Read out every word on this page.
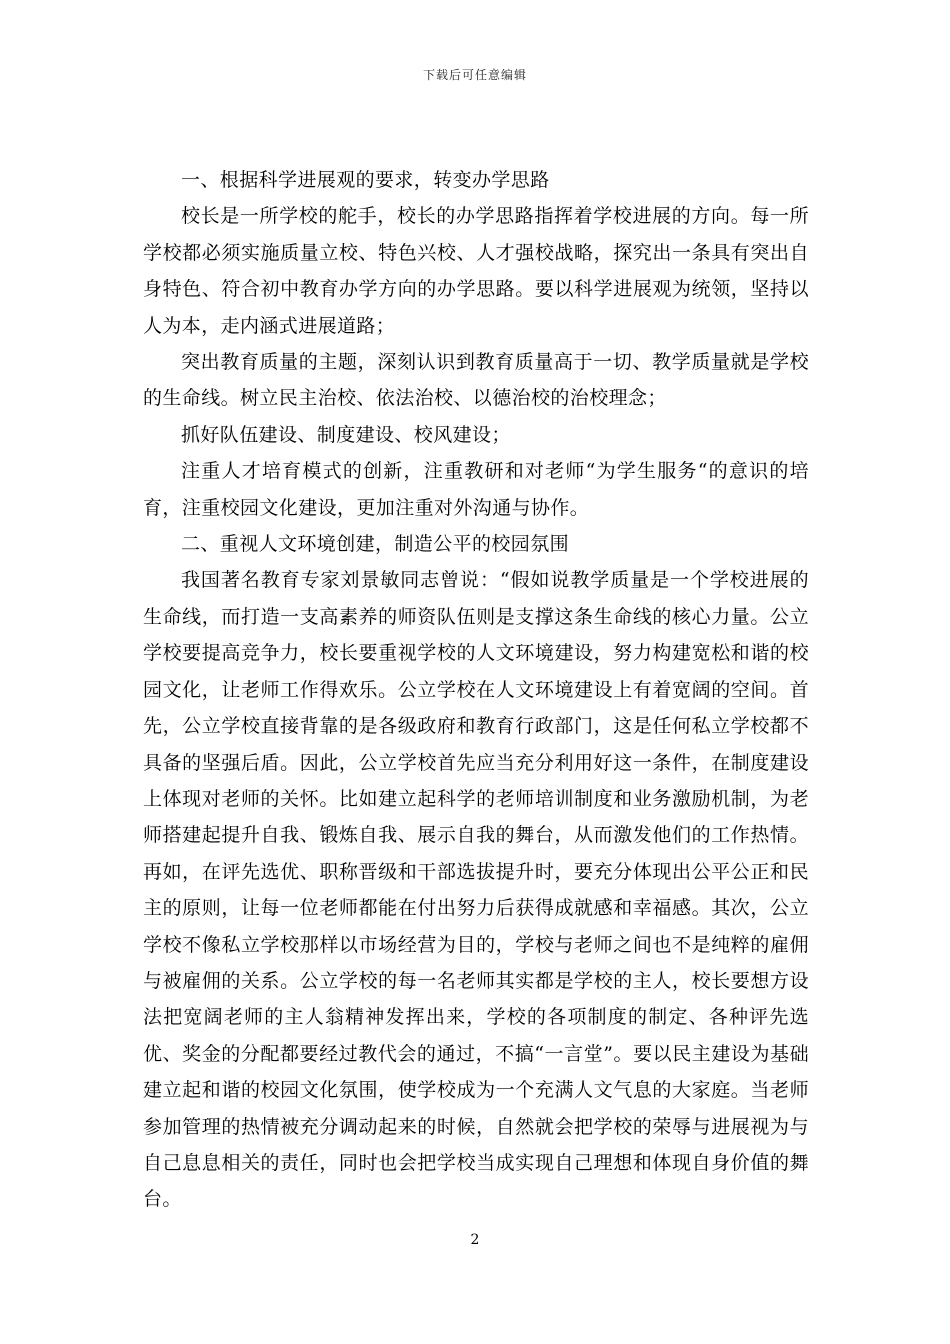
下载后可任意编辑

一、根据科学进展观的要求，转变办学思路

校长是一所学校的舵手，校长的办学思路指挥着学校进展的方向。每一所学校都必须实施质量立校、特色兴校、人才强校战略，探究出一条具有突出自身特色、符合初中教育办学方向的办学思路。要以科学进展观为统领，坚持以人为本，走内涵式进展道路；

突出教育质量的主题，深刻认识到教育质量高于一切、教学质量就是学校的生命线。树立民主治校、依法治校、以德治校的治校理念；

抓好队伍建设、制度建设、校风建设；

注重人才培育模式的创新，注重教研和对老师“为学生服务“的意识的培育，注重校园文化建设，更加注重对外沟通与协作。

二、重视人文环境创建，制造公平的校园氛围

我国著名教育专家刘景敏同志曾说：“假如说教学质量是一个学校进展的生命线，而打造一支高素养的师资队伍则是支撑这条生命线的核心力量。公立学校要提高竞争力，校长要重视学校的人文环境建设，努力构建宽松和谐的校园文化，让老师工作得欢乐。公立学校在人文环境建设上有着宽阔的空间。首先，公立学校直接背靠的是各级政府和教育行政部门，这是任何私立学校都不具备的坚强后盾。因此，公立学校首先应当充分利用好这一条件，在制度建设上体现对老师的关怀。比如建立起科学的老师培训制度和业务激励机制，为老师搭建起提升自我、锻炼自我、展示自我的舞台，从而激发他们的工作热情。再如，在评先选优、职称晋级和干部选拔提升时，要充分体现出公平公正和民主的原则，让每一位老师都能在付出努力后获得成就感和幸福感。其次，公立学校不像私立学校那样以市场经营为目的，学校与老师之间也不是纯粹的雇佣与被雇佣的关系。公立学校的每一名老师其实都是学校的主人，校长要想方设法把宽阔老师的主人翁精神发挥出来，学校的各项制度的制定、各种评先选优、奖金的分配都要经过教代会的通过，不搞“一言堂”。要以民主建设为基础建立起和谐的校园文化氛围，使学校成为一个充满人文气息的大家庭。当老师参加管理的热情被充分调动起来的时候，自然就会把学校的荣辱与进展视为与自己息息相关的责任，同时也会把学校当成实现自己理想和体现自身价值的舞台。

2
